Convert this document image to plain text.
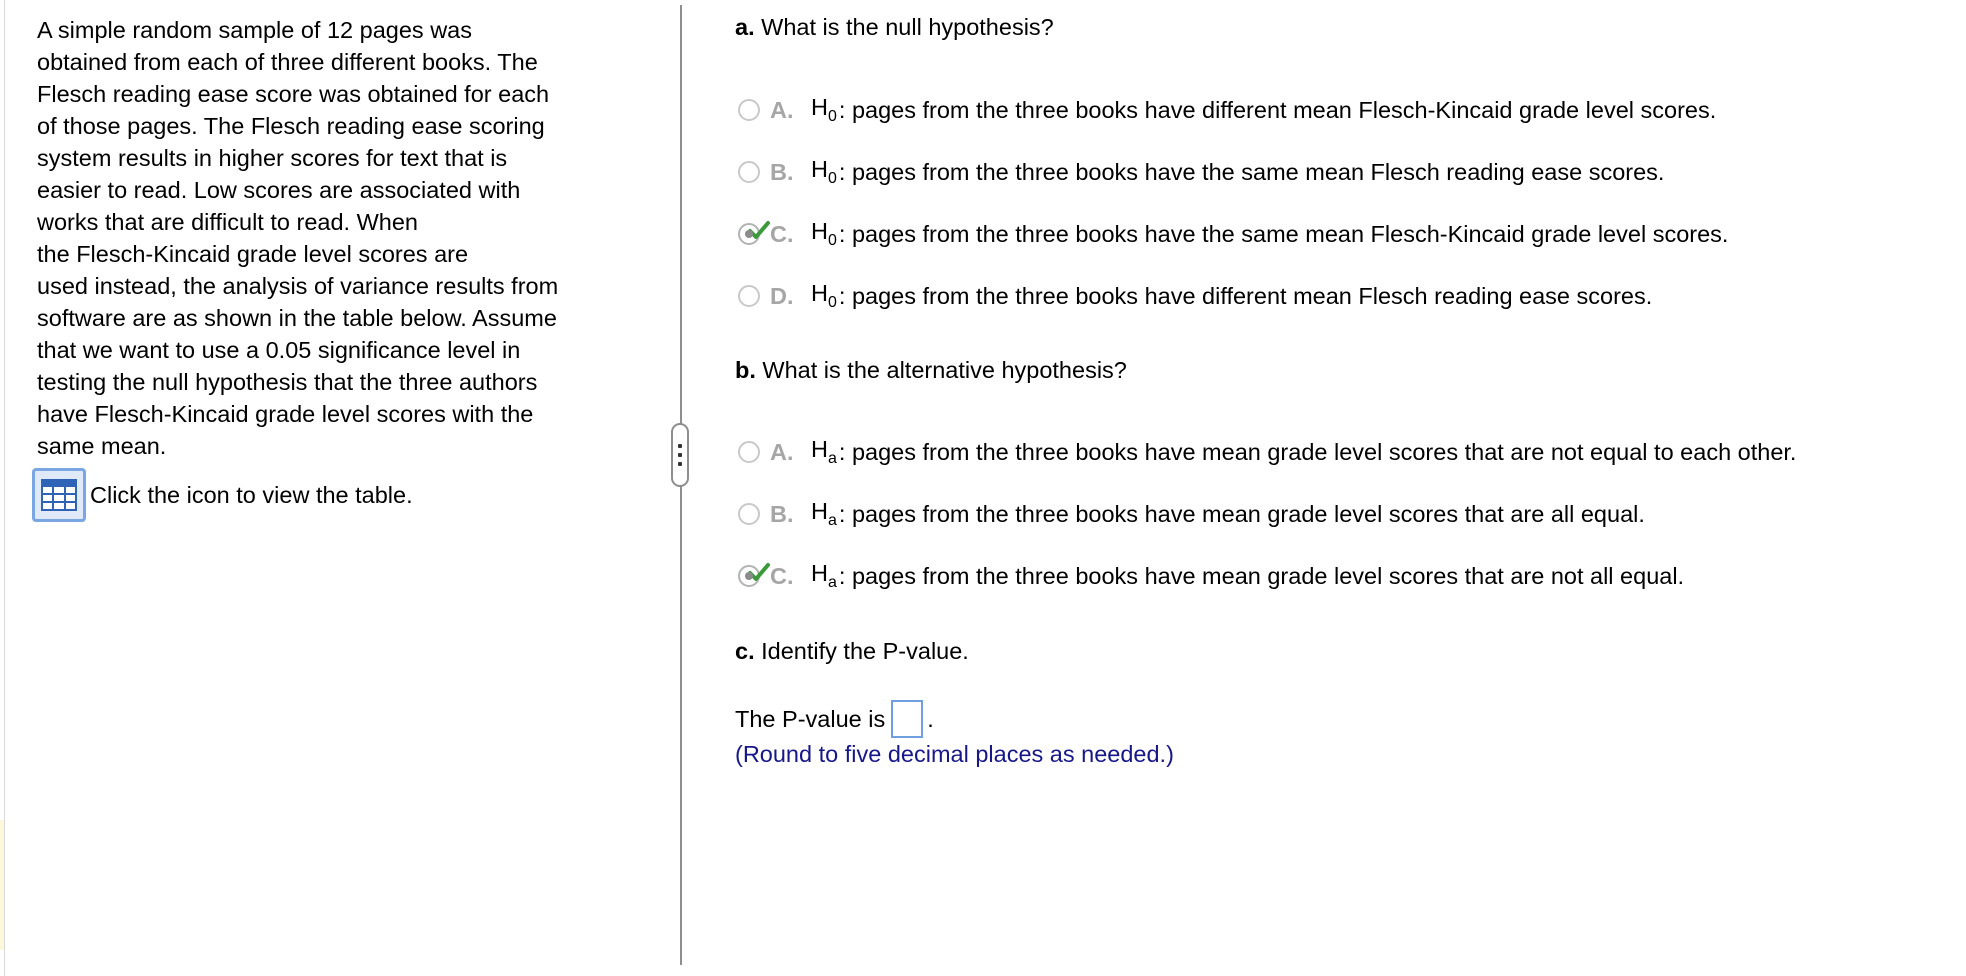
A simple random sample of 12 pages was
obtained from each of three different books. The
Flesch reading ease score was obtained for each
of those pages. The Flesch reading ease scoring
system results in higher scores for text that is
easier to read. Low scores are associated with
works that are difficult to read. When
the Flesch-Kincaid grade level scores are
used instead, the analysis of variance results from
software are as shown in the table below. Assume
that we want to use a 0.05 significance level in
testing the null hypothesis that the three authors
have Flesch-Kincaid grade level scores with the
same mean.

Click the icon to view the table.
a. What is the null hypothesis?
A. $H_0$ : pages from the three books have different mean Flesch-Kincaid grade level scores.
B. $H_0$ : pages from the three books have the same mean Flesch reading ease scores.
C. $H_0$ : pages from the three books have the same mean Flesch-Kincaid grade level scores.
D. $H_0$ : pages from the three books have different mean Flesch reading ease scores.
b. What is the alternative hypothesis?
A. $H_a$ : pages from the three books have mean grade level scores that are not equal to each other.
B. $H_a$ : pages from the three books have mean grade level scores that are all equal.
C. $H_a$ : pages from the three books have mean grade level scores that are not all equal.
c. Identify the P-value.
The P-value is .
(Round to five decimal places as needed.)
